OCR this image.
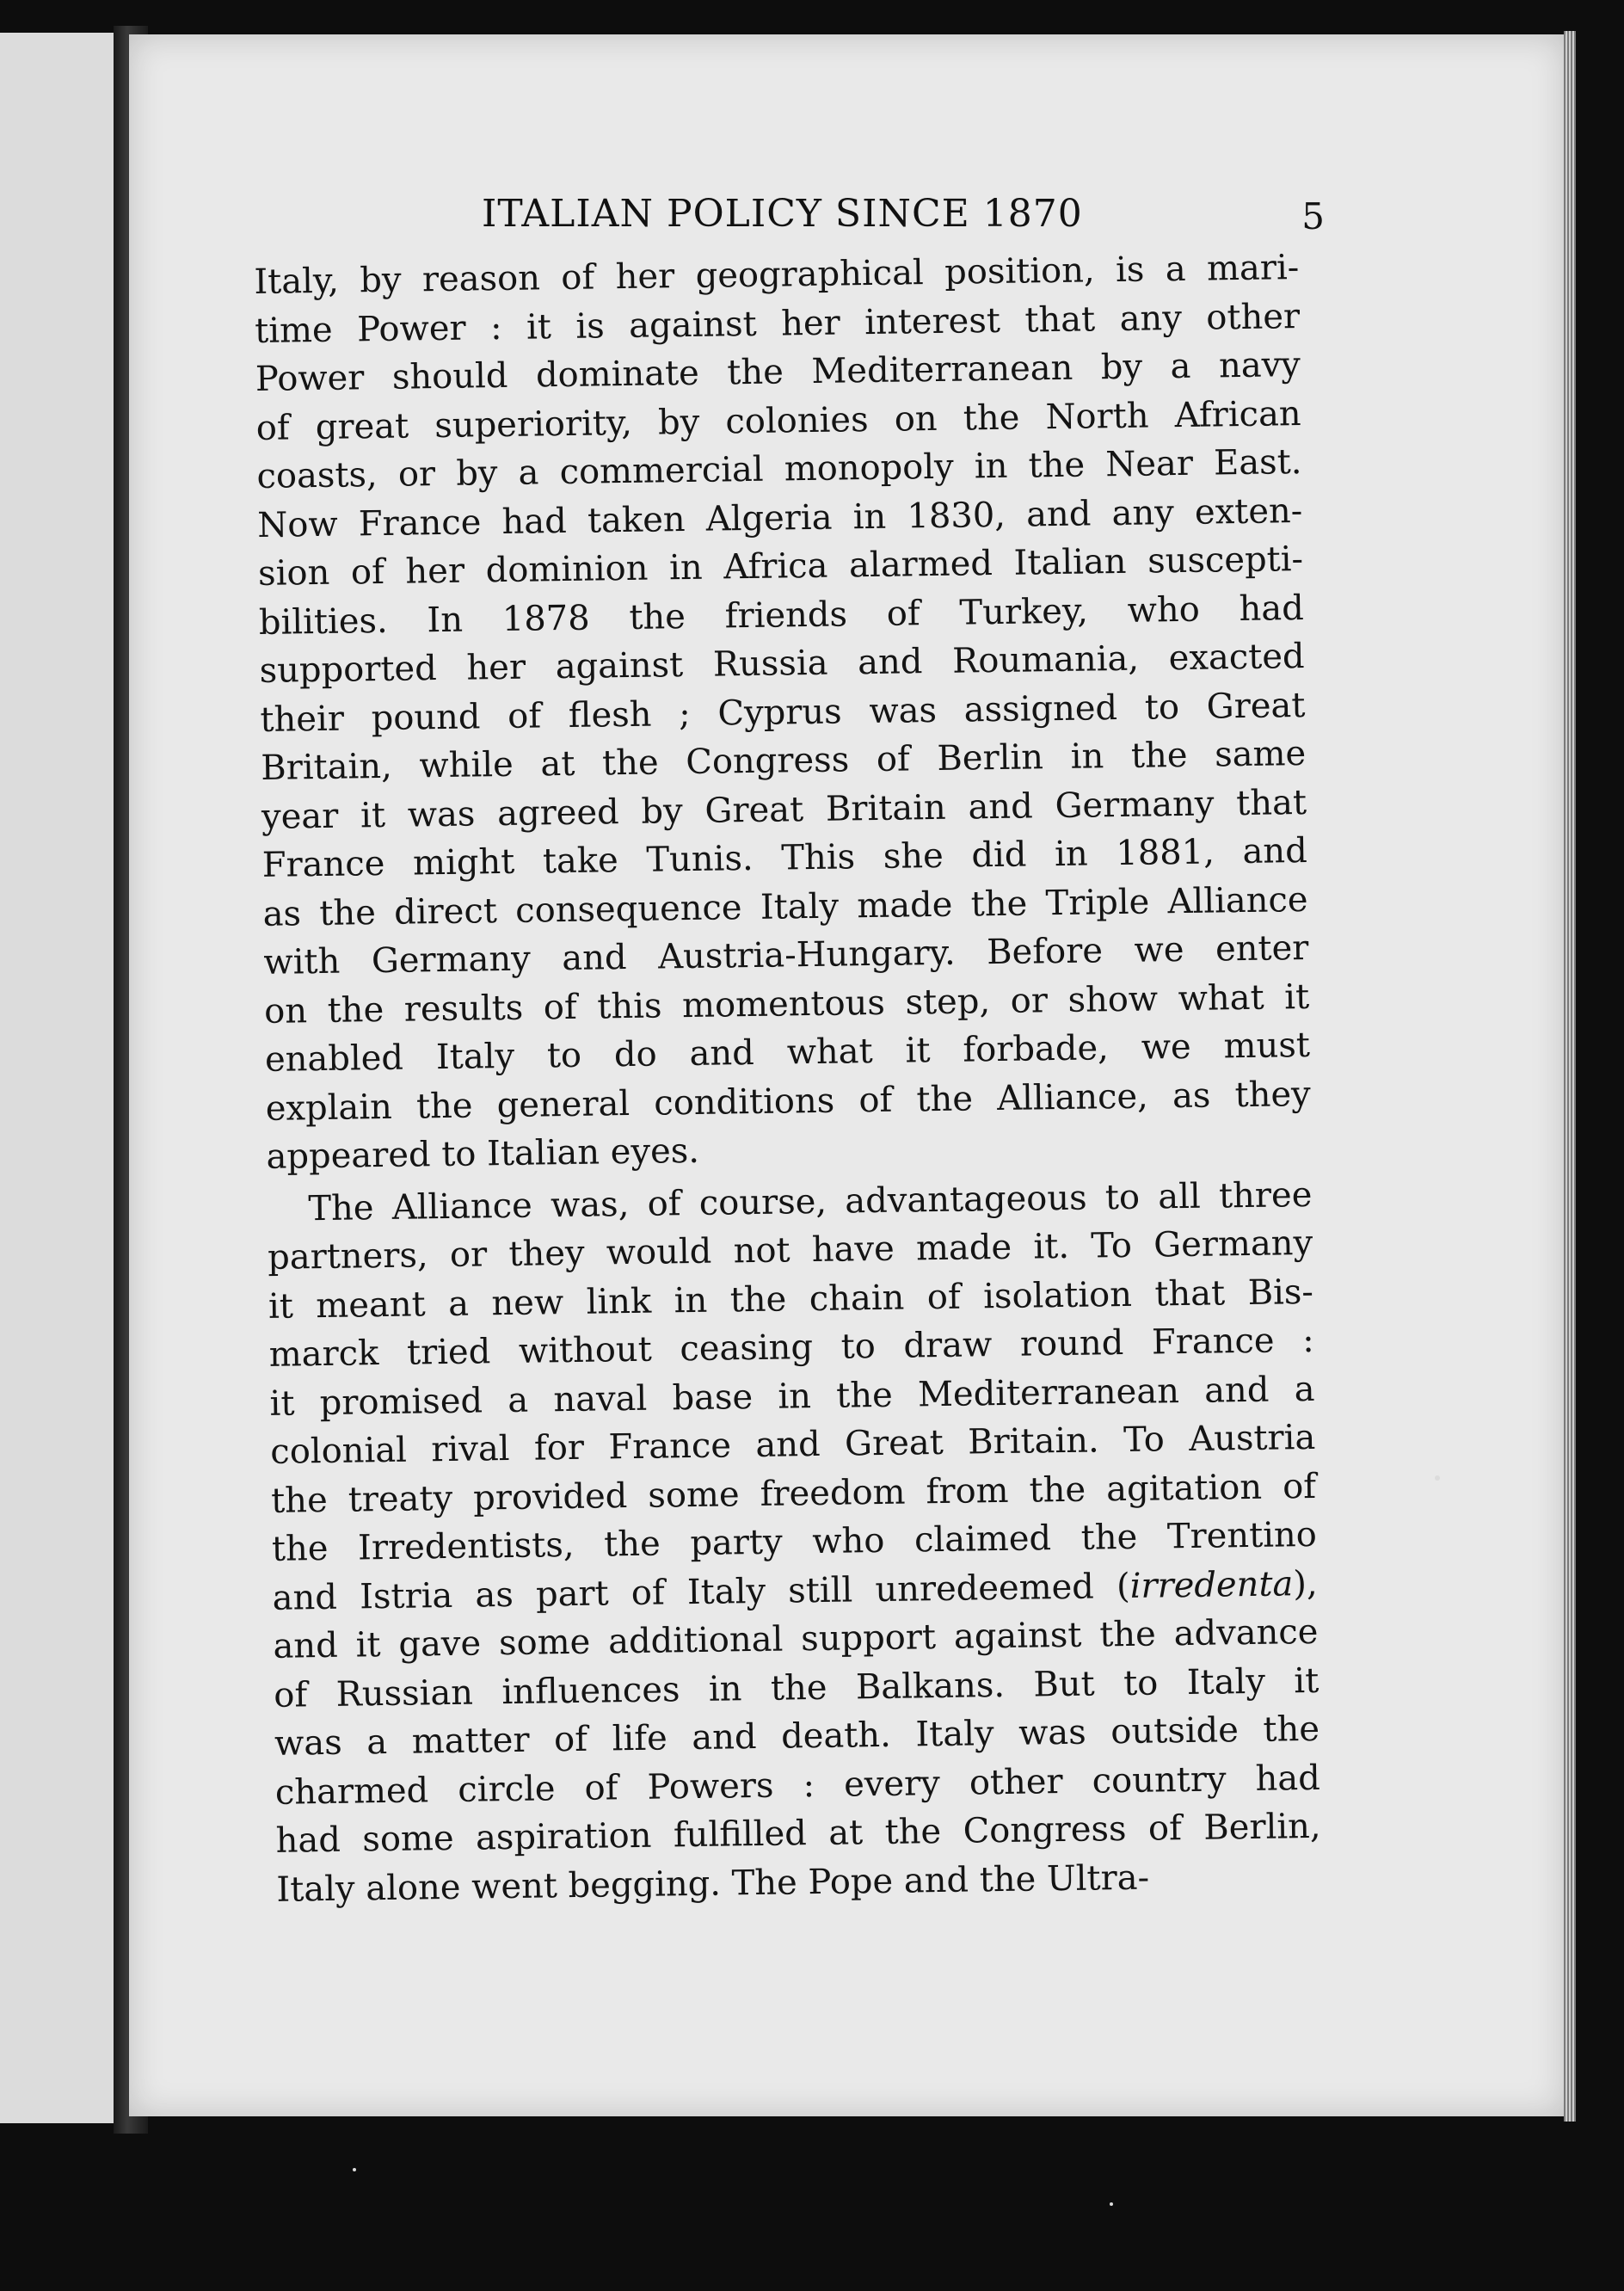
ITALIAN POLICY SINCE 1870	5
Italy, by reason of her geographical position, is a mari-
time Power : it is against her interest that any other
Power should dominate the Mediterranean by a navy
of great superiority, by colonies on the North African
coasts, or by a commercial monopoly in the Near East.
Now France had taken Algeria in 1830, and any exten-
sion of her dominion in Africa alarmed Italian suscepti-
bilities. In 1878 the friends of Turkey, who had
supported her against Russia and Roumania, exacted
their pound of flesh ; Cyprus was assigned to Great
Britain, while at the Congress of Berlin in the same
year it was agreed by Great Britain and Germany that
France might take Tunis. This she did in 1881, and
as the direct consequence Italy made the Triple Alliance
with Germany and Austria-Hungary. Before we enter
on the results of this momentous step, or show what it
enabled Italy to do and what it forbade, we must
explain the general conditions of the Alliance, as they
appeared to Italian eyes.
The Alliance was, of course, advantageous to all three
partners, or they would not have made it. To Germany
it meant a new link in the chain of isolation that Bis-
marck tried without ceasing to draw round France :
it promised a naval base in the Mediterranean and a
colonial rival for France and Great Britain. To Austria
the treaty provided some freedom from the agitation of
the Irredentists, the party who claimed the Trentino
and Istria as part of Italy still unredeemed (irredenta),
and it gave some additional support against the advance
of Russian influences in the Balkans. But to Italy it
was a matter of life and death. Italy was outside the
charmed circle of Powers : every other country had
had some aspiration fulfilled at the Congress of Berlin,
Italy alone went begging. The Pope and the Ultra-
